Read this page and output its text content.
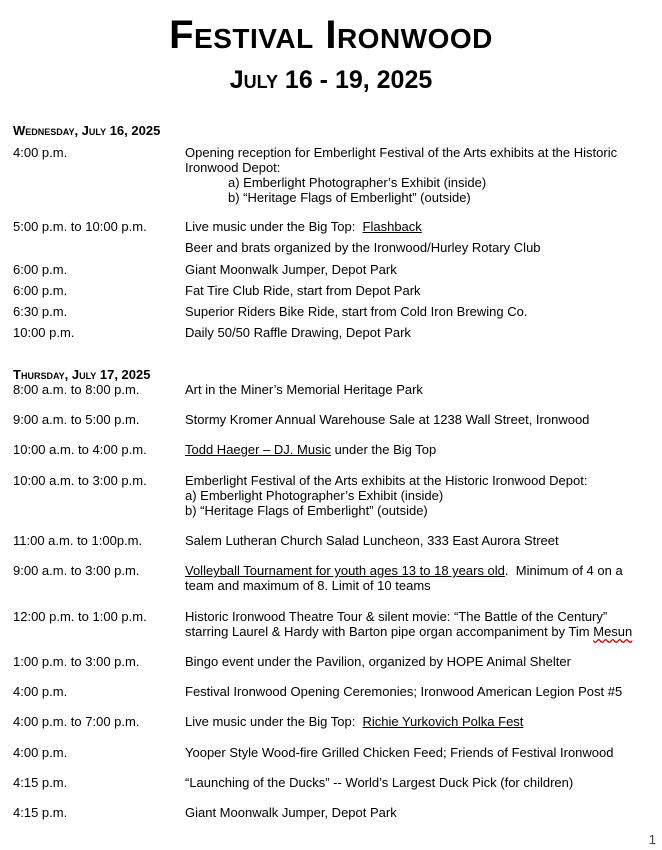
Festival Ironwood
July 16 - 19, 2025
Wednesday, July 16, 2025
4:00 p.m.	Opening reception for Emberlight Festival of the Arts exhibits at the Historic
Ironwood Depot:
a) Emberlight Photographer’s Exhibit (inside)
b) “Heritage Flags of Emberlight” (outside)
5:00 p.m. to 10:00 p.m.	Live music under the Big Top:  Flashback
Beer and brats organized by the Ironwood/Hurley Rotary Club
6:00 p.m.	Giant Moonwalk Jumper, Depot Park
6:00 p.m.	Fat Tire Club Ride, start from Depot Park
6:30 p.m.	Superior Riders Bike Ride, start from Cold Iron Brewing Co.
10:00 p.m.	Daily 50/50 Raffle Drawing, Depot Park
Thursday, July 17, 2025
8:00 a.m. to 8:00 p.m.	Art in the Miner’s Memorial Heritage Park
9:00 a.m. to 5:00 p.m.	Stormy Kromer Annual Warehouse Sale at 1238 Wall Street, Ironwood
10:00 a.m. to 4:00 p.m.	Todd Haeger – DJ. Music under the Big Top
10:00 a.m. to 3:00 p.m.	Emberlight Festival of the Arts exhibits at the Historic Ironwood Depot:
a) Emberlight Photographer’s Exhibit (inside)
b) “Heritage Flags of Emberlight” (outside)
11:00 a.m. to 1:00p.m.	Salem Lutheran Church Salad Luncheon, 333 East Aurora Street
9:00 a.m. to 3:00 p.m.	Volleyball Tournament for youth ages 13 to 18 years old.  Minimum of 4 on a
team and maximum of 8. Limit of 10 teams
12:00 p.m. to 1:00 p.m.	Historic Ironwood Theatre Tour & silent movie: “The Battle of the Century”
starring Laurel & Hardy with Barton pipe organ accompaniment by Tim Mesun
1:00 p.m. to 3:00 p.m.	Bingo event under the Pavilion, organized by HOPE Animal Shelter
4:00 p.m.	Festival Ironwood Opening Ceremonies; Ironwood American Legion Post #5
4:00 p.m. to 7:00 p.m.	Live music under the Big Top:  Richie Yurkovich Polka Fest
4:00 p.m.	Yooper Style Wood-fire Grilled Chicken Feed; Friends of Festival Ironwood
4:15 p.m.	“Launching of the Ducks” -- World’s Largest Duck Pick (for children)
4:15 p.m.	Giant Moonwalk Jumper, Depot Park
1
